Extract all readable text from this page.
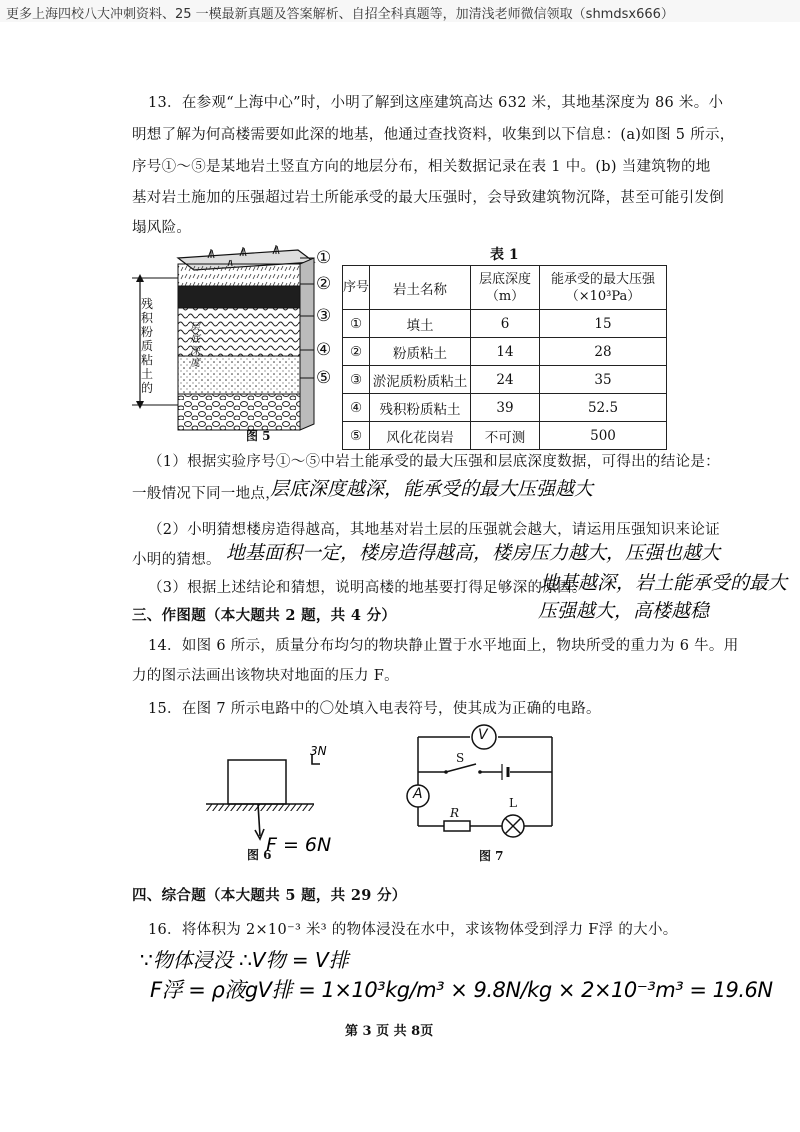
更多上海四校八大冲刺资料、25 一模最新真题及答案解析、自招全科真题等，加清浅老师微信领取（shmdsx666）
13．在参观“上海中心”时，小明了解到这座建筑高达 632 米，其地基深度为 86 米。小
明想了解为何高楼需要如此深的地基，他通过查找资料，收集到以下信息：(a)如图 5 所示，
序号①～⑤是某地岩土竖直方向的地层分布，相关数据记录在表 1 中。(b) 当建筑物的地
基对岩土施加的压强超过岩土所能承受的最大压强时，会导致建筑物沉降，甚至可能引发倒
塌风险。
残积粉质粘土的
层底深度
①
②
③
④
⑤
图 5
表 1
序号	岩土名称	层底深度（m）	能承受的最大压强（×10³Pa）
①	填土	6	15
②	粉质粘土	14	28
③	淤泥质粉质粘土	24	35
④	残积粉质粘土	39	52.5
⑤	风化花岗岩	不可测	500
（1）根据实验序号①～⑤中岩土能承受的最大压强和层底深度数据，可得出的结论是：
一般情况下同一地点，
层底深度越深，能承受的最大压强越大
（2）小明猜想楼房造得越高，其地基对岩土层的压强就会越大，请运用压强知识来论证
小明的猜想。 地基面积一定，楼房造得越高，楼房压力越大，压强也越大
（3）根据上述结论和猜想，说明高楼的地基要打得足够深的原因。
地基越深，岩土能承受的最大
压强越大，高楼越稳
三、作图题（本大题共 2 题，共 4 分）
14．如图 6 所示，质量分布均匀的物块静止置于水平地面上，物块所受的重力为 6 牛。用
力的图示法画出该物块对地面的压力 F。
15．在图 7 所示电路中的〇处填入电表符号，使其成为正确的电路。
3N
图 6
F = 6N
V
A
S
R
L
图 7
四、综合题（本大题共 5 题，共 29 分）
16．将体积为 2×10⁻³ 米³ 的物体浸没在水中，求该物体受到浮力 F浮 的大小。
∵物体浸没 ∴V物 = V排
F浮 = ρ液gV排 = 1×10³kg/m³ × 9.8N/kg × 2×10⁻³m³ = 19.6N
第 3 页 共 8页
